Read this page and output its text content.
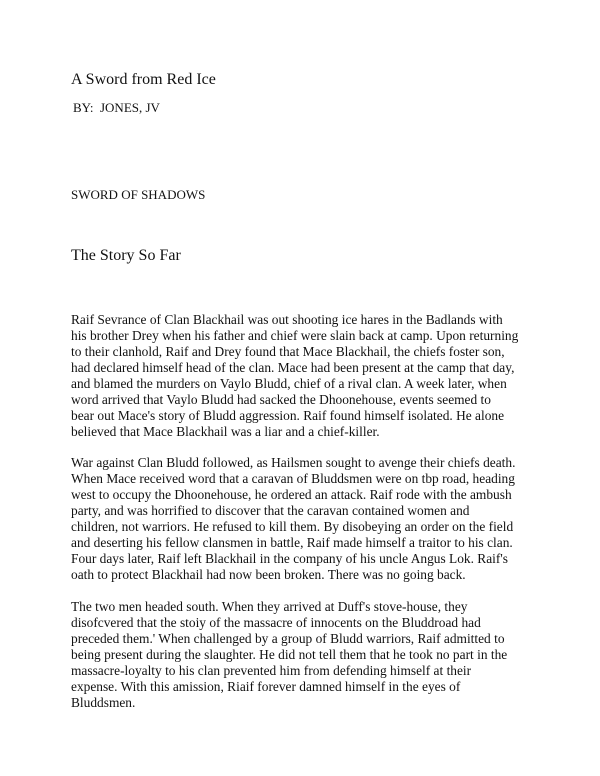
A Sword from Red Ice
BY:  JONES, JV
SWORD OF SHADOWS
The Story So Far

Raif Sevrance of Clan Blackhail was out shooting ice hares in the Badlands with
his brother Drey when his father and chief were slain back at camp. Upon returning
to their clanhold, Raif and Drey found that Mace Blackhail, the chiefs foster son,
had declared himself head of the clan. Mace had been present at the camp that day,
and blamed the murders on Vaylo Bludd, chief of a rival clan. A week later, when
word arrived that Vaylo Bludd had sacked the Dhoonehouse, events seemed to
bear out Mace's story of Bludd aggression. Raif found himself isolated. He alone
believed that Mace Blackhail was a liar and a chief-killer.

War against Clan Bludd followed, as Hailsmen sought to avenge their chiefs death.
When Mace received word that a caravan of Bluddsmen were on tbp road, heading
west to occupy the Dhoonehouse, he ordered an attack. Raif rode with the ambush
party, and was horrified to discover that the caravan contained women and
children, not warriors. He refused to kill them. By disobeying an order on the field
and deserting his fellow clansmen in battle, Raif made himself a traitor to his clan.
Four days later, Raif left Blackhail in the company of his uncle Angus Lok. Raif's
oath to protect Blackhail had now been broken. There was no going back.

The two men headed south. When they arrived at Duff's stove-house, they
disofcvered that the stoiy of the massacre of innocents on the Bluddroad had
preceded them.' When challenged by a group of Bludd warriors, Raif admitted to
being present during the slaughter. He did not tell them that he took no part in the
massacre-loyalty to his clan prevented him from defending himself at their
expense. With this amission, Riaif forever damned himself in the eyes of
Bluddsmen.
